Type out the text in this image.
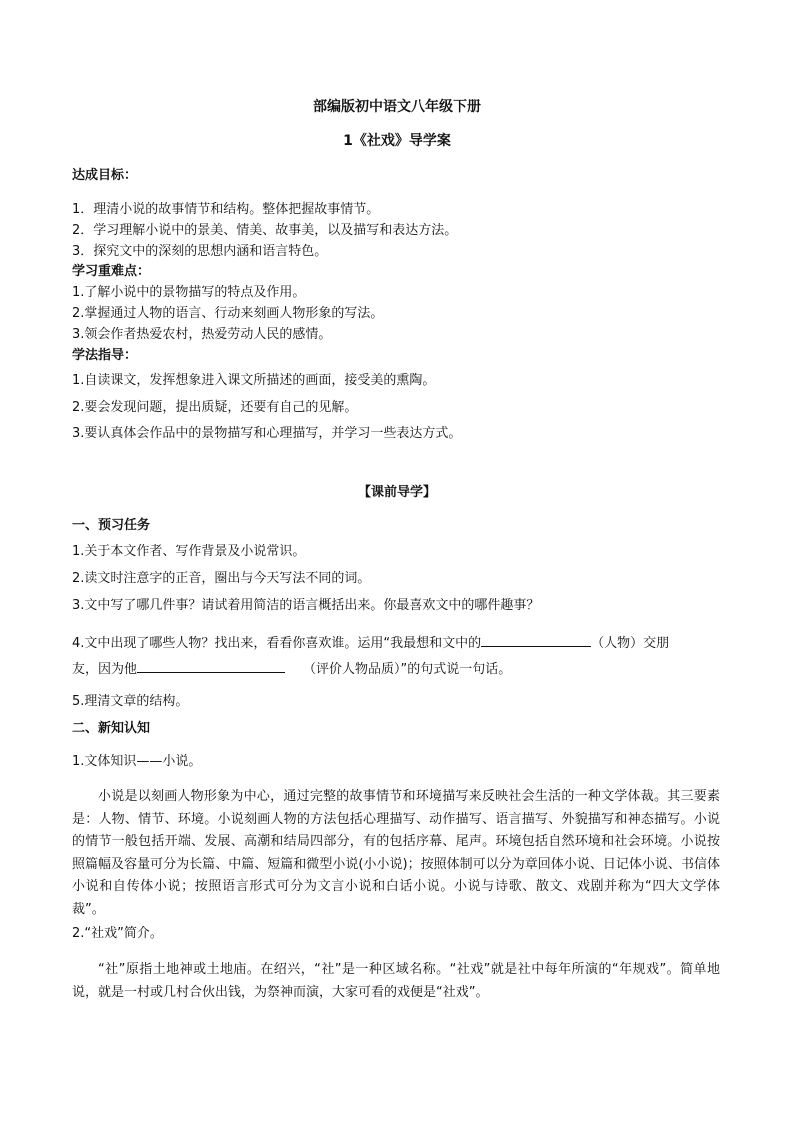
部编版初中语文八年级下册
1《社戏》导学案
达成目标：
1．理清小说的故事情节和结构。整体把握故事情节。
2．学习理解小说中的景美、情美、故事美，以及描写和表达方法。
3．探究文中的深刻的思想内涵和语言特色。
学习重难点：
1.了解小说中的景物描写的特点及作用。
2.掌握通过人物的语言、行动来刻画人物形象的写法。
3.领会作者热爱农村，热爱劳动人民的感情。
学法指导：
1.自读课文，发挥想象进入课文所描述的画面，接受美的熏陶。
2.要会发现问题，提出质疑，还要有自己的见解。
3.要认真体会作品中的景物描写和心理描写，并学习一些表达方式。
【课前导学】
一、预习任务
1.关于本文作者、写作背景及小说常识。
2.读文时注意字的正音，圈出与今天写法不同的词。
3.文中写了哪几件事？请试着用简洁的语言概括出来。你最喜欢文中的哪件趣事？
4.文中出现了哪些人物？找出来，看看你喜欢谁。运用“我最想和文中的	（人物）交朋
友，因为他	（评价人物品质）”的句式说一句话。
5.理清文章的结构。
二、新知认知
1.文体知识——小说。
小说是以刻画人物形象为中心，通过完整的故事情节和环境描写来反映社会生活的一种文学体裁。其三要素是：人物、情节、环境。小说刻画人物的方法包括心理描写、动作描写、语言描写、外貌描写和神态描写。小说的情节一般包括开端、发展、高潮和结局四部分，有的包括序幕、尾声。环境包括自然环境和社会环境。小说按照篇幅及容量可分为长篇、中篇、短篇和微型小说(小小说)；按照体制可以分为章回体小说、日记体小说、书信体小说和自传体小说；按照语言形式可分为文言小说和白话小说。小说与诗歌、散文、戏剧并称为“四大文学体裁”。
2.“社戏”简介。
“社”原指土地神或土地庙。在绍兴，“社”是一种区域名称。“社戏”就是社中每年所演的“年规戏”。简单地说，就是一村或几村合伙出钱，为祭神而演，大家可看的戏便是“社戏”。
